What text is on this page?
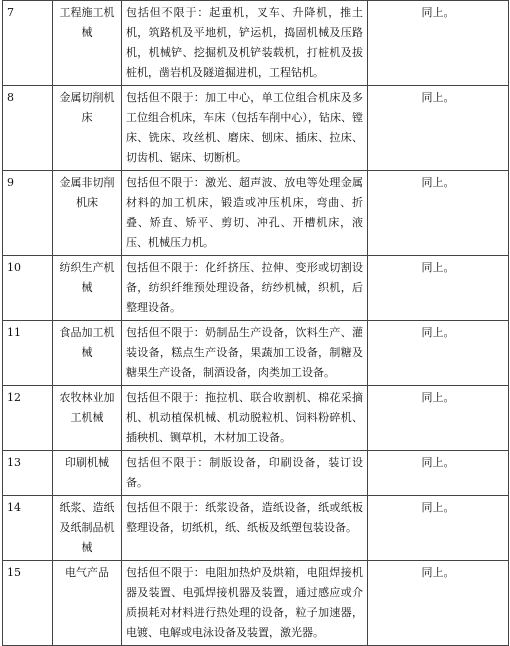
7	工程施工机械	包括但不限于：起重机，叉车、升降机，推土机，筑路机及平地机，铲运机，捣固机械及压路机，机械铲、挖掘机及机铲装载机，打桩机及拔桩机，凿岩机及隧道掘进机，工程钻机。	同上。
8	金属切削机床	包括但不限于：加工中心，单工位组合机床及多工位组合机床，车床（包括车削中心），钻床、镗床、铣床、攻丝机、磨床、刨床、插床、拉床、切齿机、锯床、切断机。	同上。
9	金属非切削机床	包括但不限于：激光、超声波、放电等处理金属材料的加工机床，锻造或冲压机床，弯曲、折叠、矫直、矫平、剪切、冲孔、开槽机床，液压、机械压力机。	同上。
10	纺织生产机械	包括但不限于：化纤挤压、拉伸、变形或切割设备，纺织纤维预处理设备，纺纱机械，织机，后整理设备。	同上。
11	食品加工机械	包括但不限于：奶制品生产设备，饮料生产、灌装设备，糕点生产设备，果蔬加工设备，制糖及糖果生产设备，制酒设备，肉类加工设备。	同上。
12	农牧林业加工机械	包括但不限于：拖拉机、联合收割机、棉花采摘机、机动植保机械、机动脱粒机、饲料粉碎机、插秧机、铡草机，木材加工设备。	同上。
13	印刷机械	包括但不限于：制版设备，印刷设备，装订设备。	同上。
14	纸浆、造纸及纸制品机械	包括但不限于：纸浆设备，造纸设备，纸或纸板整理设备，切纸机，纸、纸板及纸塑包装设备。	同上。
15	电气产品	包括但不限于：电阻加热炉及烘箱，电阻焊接机器及装置、电弧焊接机器及装置，通过感应或介质损耗对材料进行热处理的设备，粒子加速器，电镀、电解或电泳设备及装置，激光器。	同上。
